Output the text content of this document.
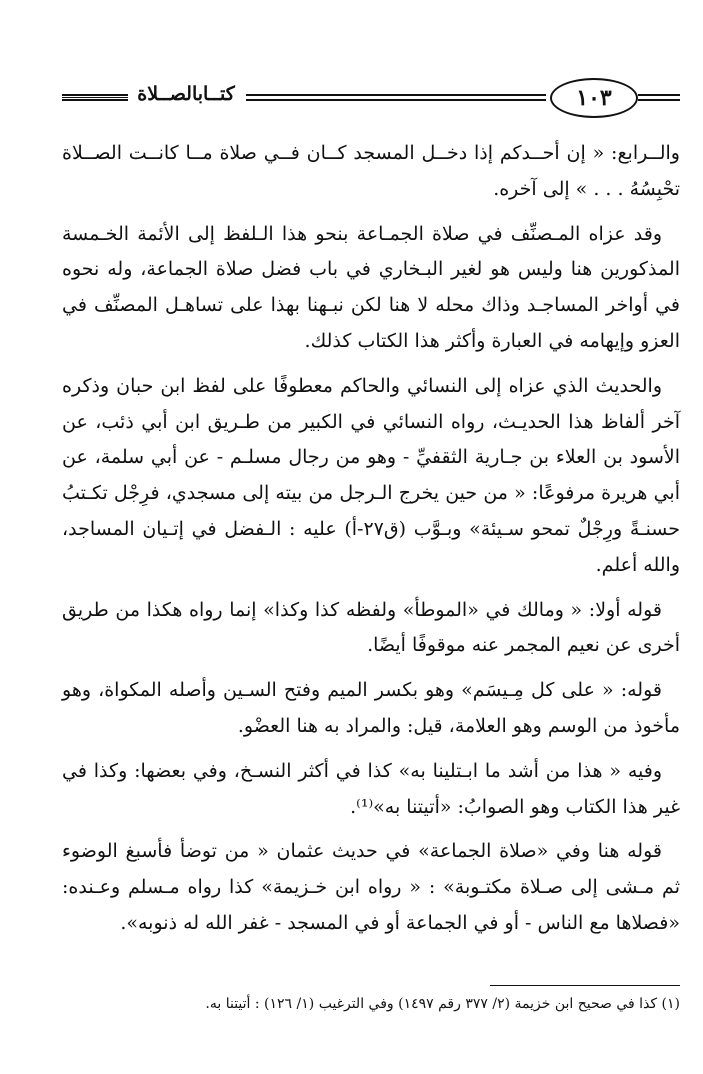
كتــابالصــلاة	١٠٣

والــرابع: « إن أحــدكم إذا دخــل المسجد كــان فــي صلاة مــا كانــت الصــلاة تحْبِسُهُ . . . » إلى آخره.

وقد عزاه المـصنِّف في صلاة الجمـاعة بنحو هذا الـلفظ إلى الأئمة الخـمسة المذكورين هنا وليس هو لغير البـخاري في باب فضل صلاة الجماعة، وله نحوه في أواخر المساجـد وذاك محله لا هنا لكن نبـهنا بهذا على تساهـل المصنِّف في العزو وإيهامه في العبارة وأكثر هذا الكتاب كذلك.

والحديث الذي عزاه إلى النسائي والحاكم معطوفًا على لفظ ابن حبان وذكره آخر ألفاظ هذا الحديـث، رواه النسائي في الكبير من طـريق ابن أبي ذئب، عن الأسود بن العلاء بن جـارية الثقفيِّ - وهو من رجال مسلـم - عن أبي سلمة، عن أبي هريرة مرفوعًا: « من حين يخرج الـرجل من بيته إلى مسجدي، فرِجْل تكـتبُ حسنـةً ورِجْلٌ تمحو سـيئة» وبـوَّب (ق٢٧-أ) عليه : الـفضل في إتـيان المساجد، والله أعلم.

قوله أولا: « ومالك في «الموطأ» ولفظه كذا وكذا» إنما رواه هكذا من طريق أخرى عن نعيم المجمر عنه موقوفًا أيضًا.

قوله: « على كل مِـيسَم» وهو بكسر الميم وفتح السـين وأصله المكواة، وهو مأخوذ من الوسم وهو العلامة، قيل: والمراد به هنا العضْو.

وفيه « هذا من أشد ما ابـتلينا به» كذا في أكثر النسـخ، وفي بعضها: وكذا في غير هذا الكتاب وهو الصوابُ: «أتيتنا به»⁽¹⁾.

قوله هنا وفي «صلاة الجماعة» في حديث عثمان « من توضأ فأسبغ الوضوء ثم مـشى إلى صـلاة مكتـوبة» : « رواه ابن خـزيمة» كذا رواه مـسلم وعـنده: «فصلاها مع الناس - أو في الجماعة أو في المسجد - غفر الله له ذنوبه».

(١) كذا في صحيح ابن خزيمة (٢/ ٣٧٧ رقم ١٤٩٧) وفي الترغيب (١/ ١٢٦) : أتيتنا به.
